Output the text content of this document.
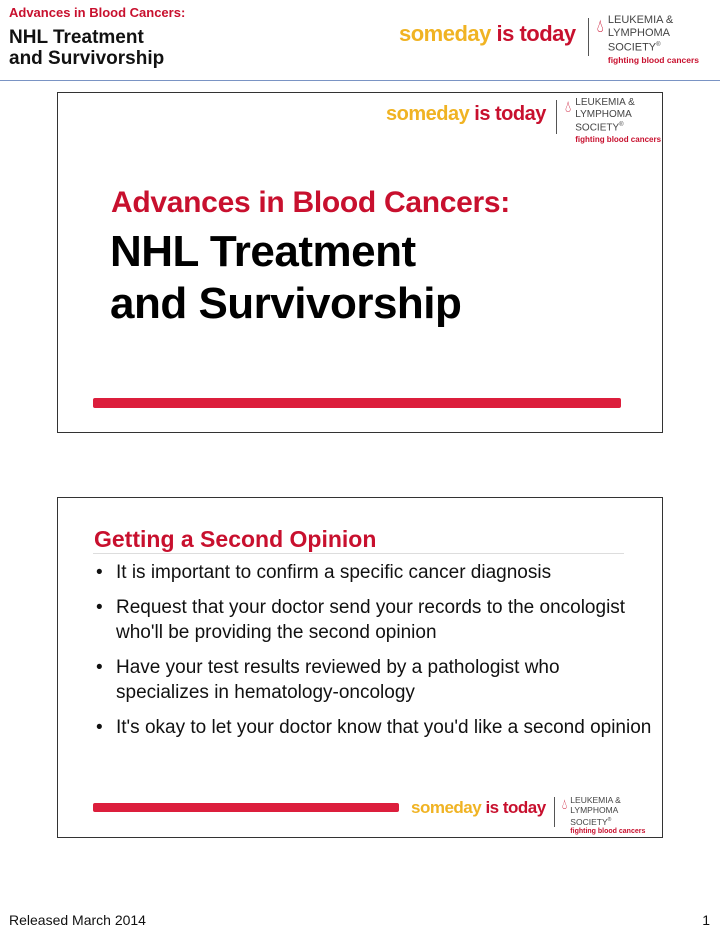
Advances in Blood Cancers:
NHL Treatment
and Survivorship
someday is today 💧︎ LEUKEMIA &
LYMPHOMA
SOCIETY®
fighting blood cancers
someday is today 💧︎ LEUKEMIA &
LYMPHOMA
SOCIETY®
fighting blood cancers
Advances in Blood Cancers:
NHL Treatment
and Survivorship
Getting a Second Opinion
• It is important to confirm a specific cancer diagnosis
• Request that your doctor send your records to the oncologist who'll be providing the second opinion
• Have your test results reviewed by a pathologist who specializes in hematology-oncology
• It's okay to let your doctor know that you'd like a second opinion
someday is today 💧︎ LEUKEMIA &
LYMPHOMA
SOCIETY®
fighting blood cancers
Released March 2014	1
